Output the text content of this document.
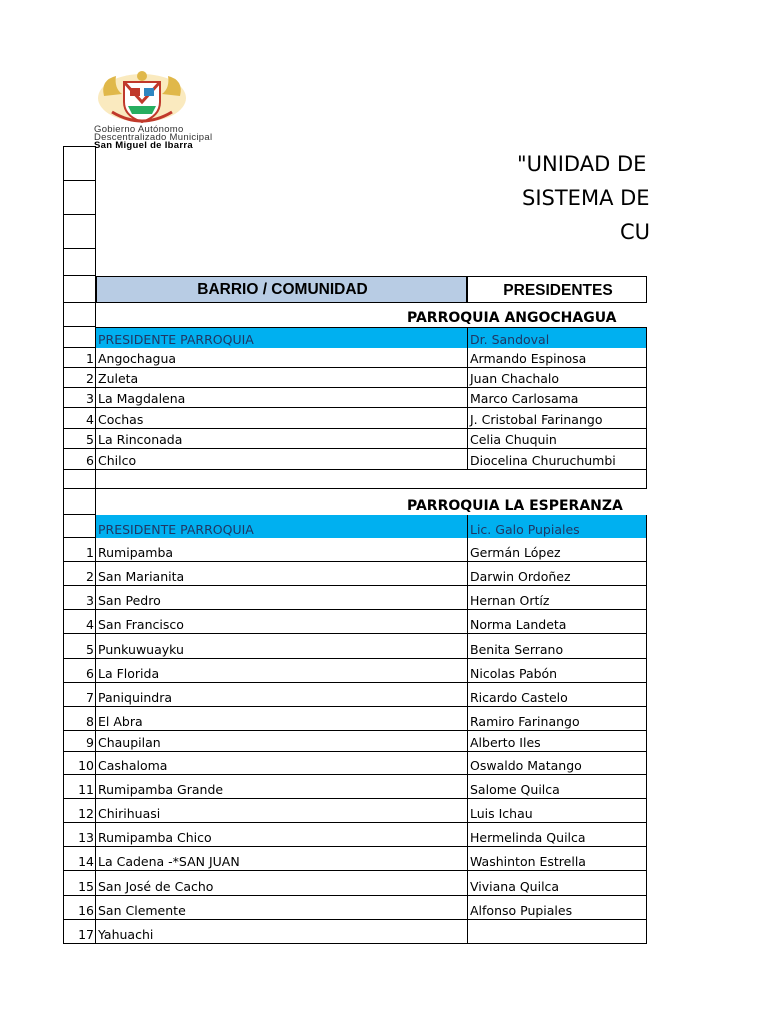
Gobierno Autónomo
Descentralizado Municipal
San Miguel de Ibarra
"UNIDAD DE
SISTEMA DE
CU
BARRIO / COMUNIDAD	PRESIDENTES
PARROQUIA ANGOCHAGUA
PRESIDENTE PARROQUIA	Dr. Sandoval
1 Angochagua	Armando Espinosa
2 Zuleta	Juan Chachalo
3 La Magdalena	Marco Carlosama
4 Cochas	J. Cristobal Farinango
5 La Rinconada	Celia Chuquin
6 Chilco	Diocelina Churuchumbi
PARROQUIA LA ESPERANZA
PRESIDENTE PARROQUIA	Lic. Galo Pupiales
1 Rumipamba	Germán López
2 San Marianita	Darwin Ordoñez
3 San Pedro	Hernan Ortíz
4 San Francisco	Norma Landeta
5 Punkuwuayku	Benita Serrano
6 La Florida	Nicolas Pabón
7 Paniquindra	Ricardo Castelo
8 El Abra	Ramiro Farinango
9 Chaupilan	Alberto Iles
10 Cashaloma	Oswaldo Matango
11 Rumipamba Grande	Salome Quilca
12 Chirihuasi	Luis Ichau
13 Rumipamba Chico	Hermelinda Quilca
14 La Cadena -*SAN JUAN	Washinton Estrella
15 San José de Cacho	Viviana Quilca
16 San Clemente	Alfonso Pupiales
17 Yahuachi
